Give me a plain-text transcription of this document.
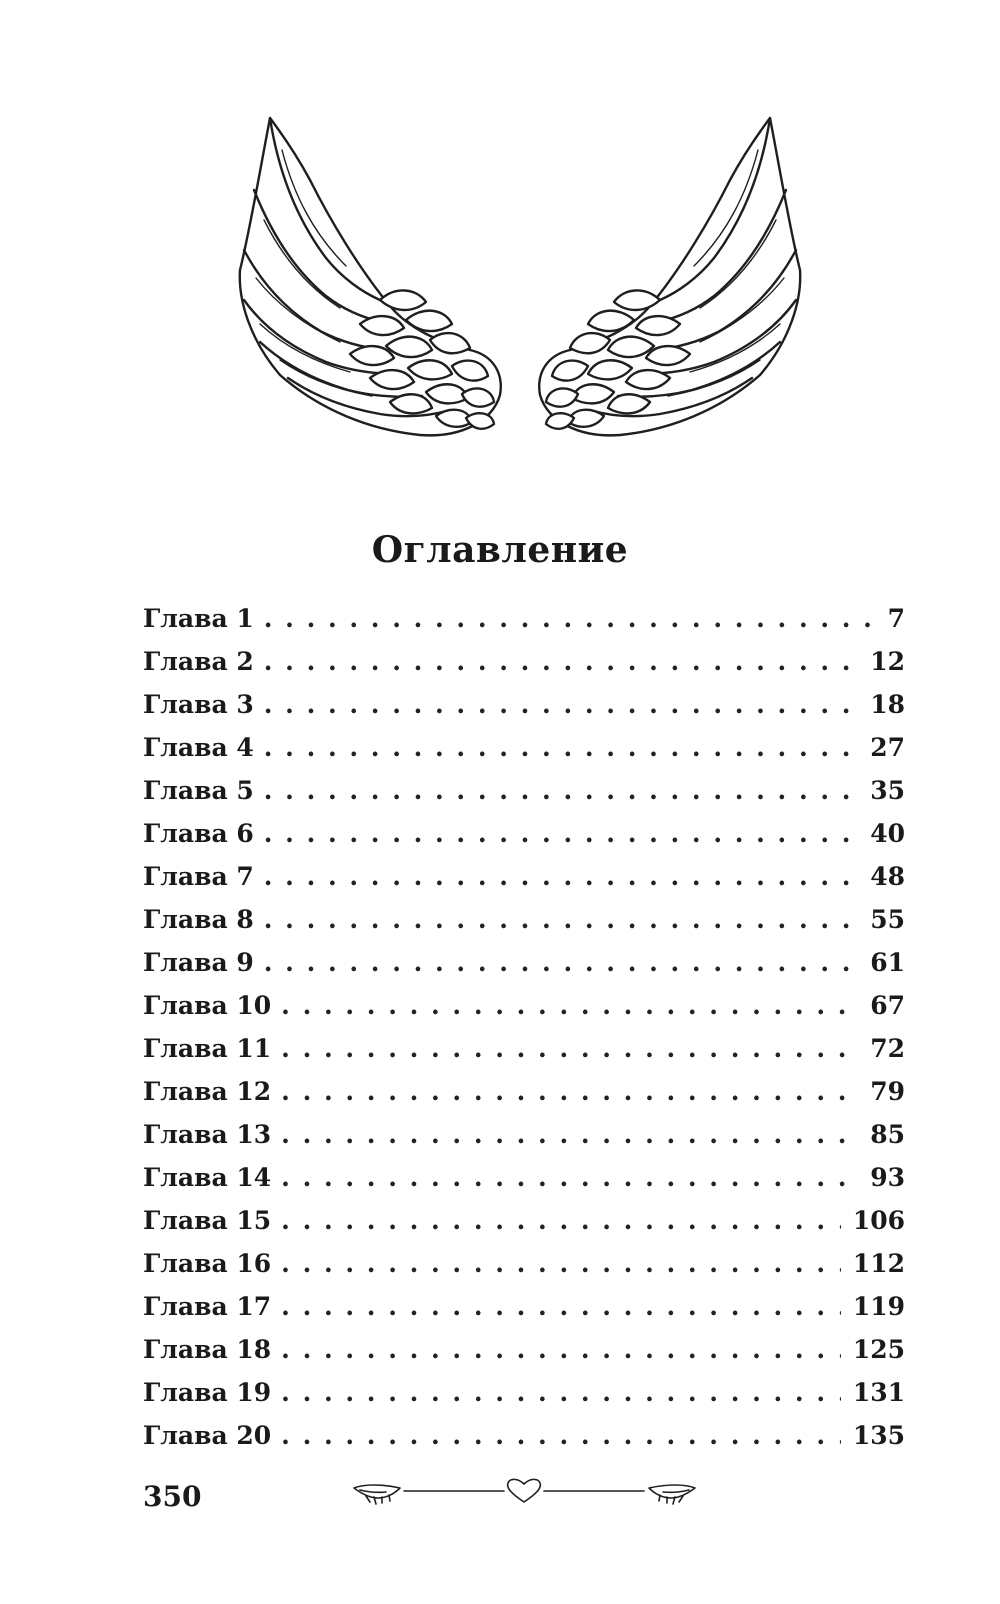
Оглавление
Глава 1 . . .	7
Глава 2 . . .	12
Глава 3 . . .	18
Глава 4 . . .	27
Глава 5 . . .	35
Глава 6 . . .	40
Глава 7 . . .	48
Глава 8 . . .	55
Глава 9 . . .	61
Глава 10 . . .	67
Глава 11 . . .	72
Глава 12 . . .	79
Глава 13 . . .	85
Глава 14 . . .	93
Глава 15 . . .	106
Глава 16 . . .	112
Глава 17 . . .	119
Глава 18 . . .	125
Глава 19 . . .	131
Глава 20 . . .	135
350
